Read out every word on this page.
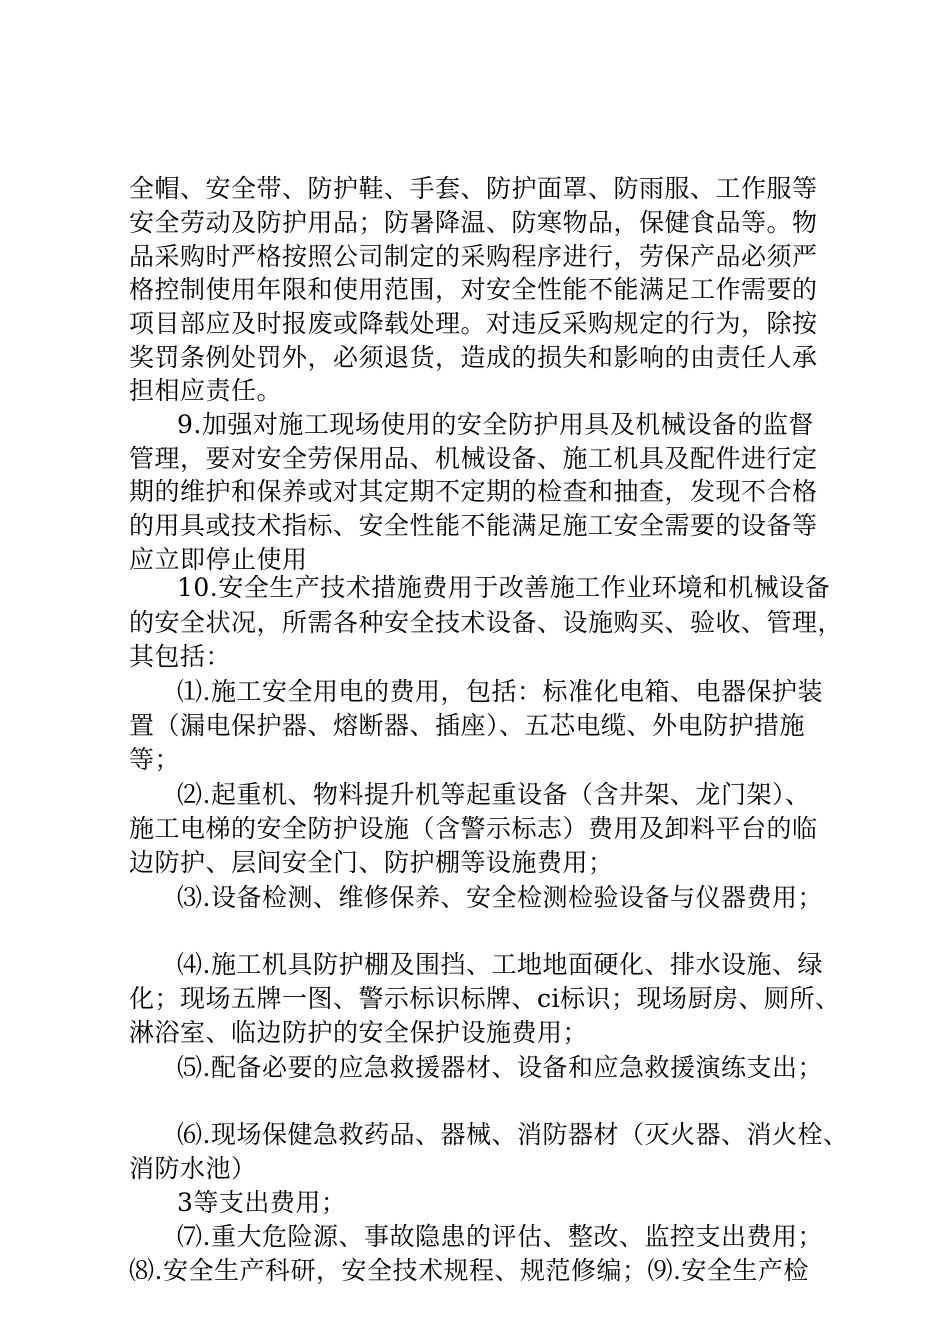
全帽、安全带、防护鞋、手套、防护面罩、防雨服、工作服等
安全劳动及防护用品；防暑降温、防寒物品，保健食品等。物
品采购时严格按照公司制定的采购程序进行，劳保产品必须严
格控制使用年限和使用范围，对安全性能不能满足工作需要的
项目部应及时报废或降载处理。对违反采购规定的行为，除按
奖罚条例处罚外，必须退货，造成的损失和影响的由责任人承
担相应责任。
9.加强对施工现场使用的安全防护用具及机械设备的监督
管理，要对安全劳保用品、机械设备、施工机具及配件进行定
期的维护和保养或对其定期不定期的检查和抽查，发现不合格
的用具或技术指标、安全性能不能满足施工安全需要的设备等
应立即停止使用
10.安全生产技术措施费用于改善施工作业环境和机械设备
的安全状况，所需各种安全技术设备、设施购买、验收、管理，
其包括：
⑴.施工安全用电的费用，包括：标准化电箱、电器保护装
置（漏电保护器、熔断器、插座）、五芯电缆、外电防护措施
等；
⑵.起重机、物料提升机等起重设备（含井架、龙门架）、
施工电梯的安全防护设施（含警示标志）费用及卸料平台的临
边防护、层间安全门、防护棚等设施费用；
⑶.设备检测、维修保养、安全检测检验设备与仪器费用；
⑷.施工机具防护棚及围挡、工地地面硬化、排水设施、绿
化；现场五牌一图、警示标识标牌、ci标识；现场厨房、厕所、
淋浴室、临边防护的安全保护设施费用；
⑸.配备必要的应急救援器材、设备和应急救援演练支出；
⑹.现场保健急救药品、器械、消防器材（灭火器、消火栓、
消防水池）
3等支出费用；
⑺.重大危险源、事故隐患的评估、整改、监控支出费用；
⑻.安全生产科研，安全技术规程、规范修编；⑼.安全生产检
